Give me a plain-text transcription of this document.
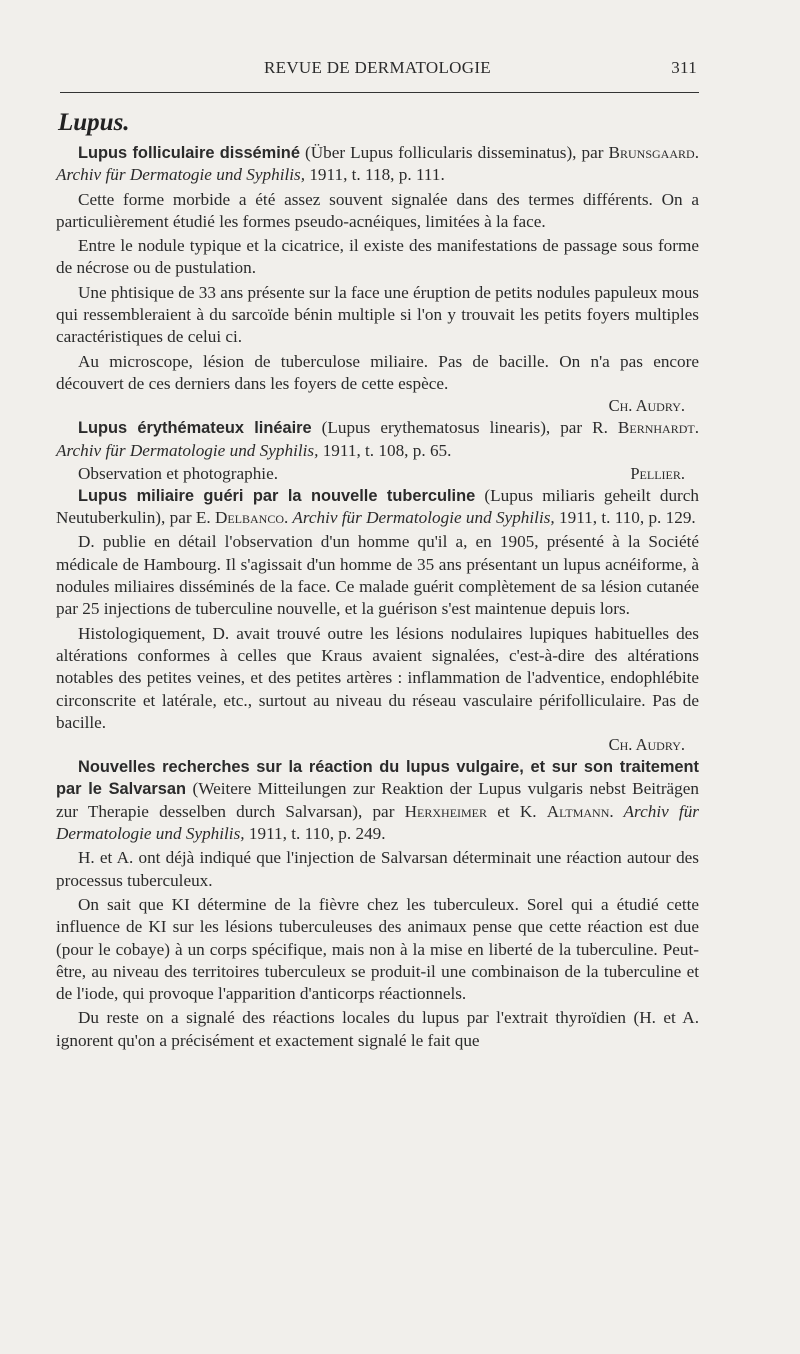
REVUE DE DERMATOLOGIE	311
Lupus.

Lupus folliculaire disséminé (Über Lupus follicularis disseminatus), par Brunsgaard. Archiv für Dermatogie und Syphilis, 1911, t. 118, p. 111.

Cette forme morbide a été assez souvent signalée dans des termes différents. On a particulièrement étudié les formes pseudo-acnéiques, limitées à la face.

Entre le nodule typique et la cicatrice, il existe des manifestations de passage sous forme de nécrose ou de pustulation.

Une phtisique de 33 ans présente sur la face une éruption de petits nodules papuleux mous qui ressembleraient à du sarcoïde bénin multiple si l'on y trouvait les petits foyers multiples caractéristiques de celui ci.

Au microscope, lésion de tuberculose miliaire. Pas de bacille. On n'a pas encore découvert de ces derniers dans les foyers de cette espèce.

Ch. Audry.

Lupus érythémateux linéaire (Lupus erythematosus linearis), par R. Bernhardt. Archiv für Dermatologie und Syphilis, 1911, t. 108, p. 65.

Observation et photographie.	Pellier.

Lupus miliaire guéri par la nouvelle tuberculine (Lupus miliaris geheilt durch Neutuberkulin), par E. Delbanco. Archiv für Dermatologie und Syphilis, 1911, t. 110, p. 129.

D. publie en détail l'observation d'un homme qu'il a, en 1905, présenté à la Société médicale de Hambourg. Il s'agissait d'un homme de 35 ans présentant un lupus acnéiforme, à nodules miliaires disséminés de la face. Ce malade guérit complètement de sa lésion cutanée par 25 injections de tuberculine nouvelle, et la guérison s'est maintenue depuis lors.

Histologiquement, D. avait trouvé outre les lésions nodulaires lupiques habituelles des altérations conformes à celles que Kraus avaient signalées, c'est-à-dire des altérations notables des petites veines, et des petites artères : inflammation de l'adventice, endophlébite circonscrite et latérale, etc., surtout au niveau du réseau vasculaire périfolliculaire. Pas de bacille.

Ch. Audry.

Nouvelles recherches sur la réaction du lupus vulgaire, et sur son traitement par le Salvarsan (Weitere Mitteilungen zur Reaktion der Lupus vulgaris nebst Beiträgen zur Therapie desselben durch Salvarsan), par Herxheimer et K. Altmann. Archiv für Dermatologie und Syphilis, 1911, t. 110, p. 249.

H. et A. ont déjà indiqué que l'injection de Salvarsan déterminait une réaction autour des processus tuberculeux.

On sait que KI détermine de la fièvre chez les tuberculeux. Sorel qui a étudié cette influence de KI sur les lésions tuberculeuses des animaux pense que cette réaction est due (pour le cobaye) à un corps spécifique, mais non à la mise en liberté de la tuberculine. Peut-être, au niveau des territoires tuberculeux se produit-il une combinaison de la tuberculine et de l'iode, qui provoque l'apparition d'anticorps réactionnels.

Du reste on a signalé des réactions locales du lupus par l'extrait thyroïdien (H. et A. ignorent qu'on a précisément et exactement signalé le fait que
